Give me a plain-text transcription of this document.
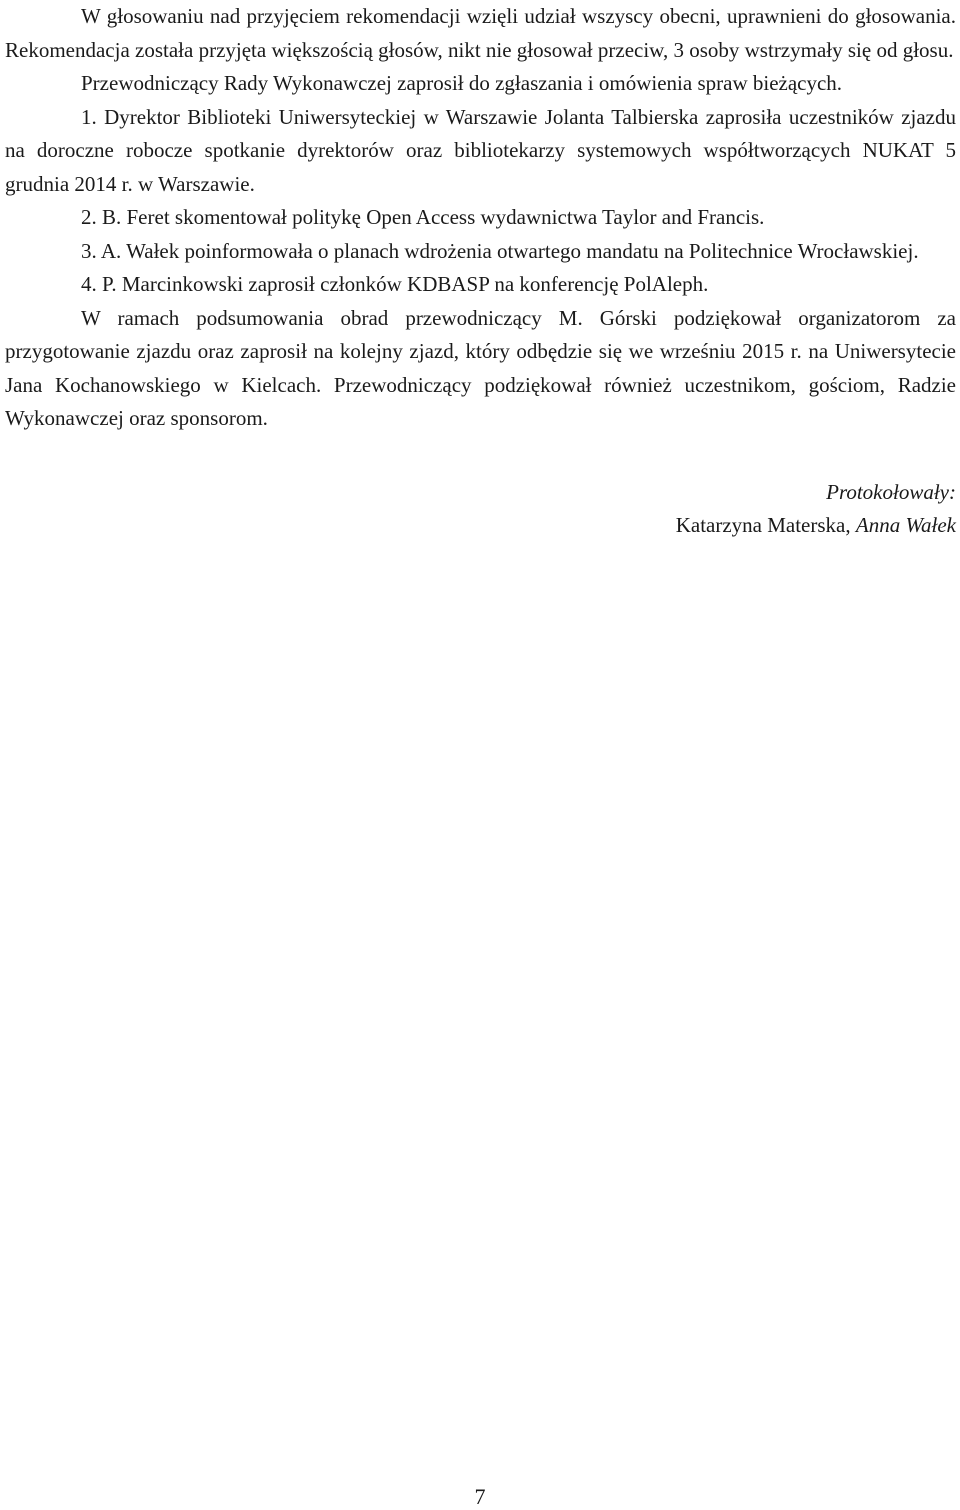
W głosowaniu nad przyjęciem rekomendacji wzięli udział wszyscy obecni, uprawnieni do głosowania. Rekomendacja została przyjęta większością głosów, nikt nie głosował przeciw, 3 osoby wstrzymały się od głosu.

Przewodniczący Rady Wykonawczej zaprosił do zgłaszania i omówienia spraw bieżących.

1. Dyrektor Biblioteki Uniwersyteckiej w Warszawie Jolanta Talbierska zaprosiła uczestników zjazdu na doroczne robocze spotkanie dyrektorów oraz bibliotekarzy systemowych współtworzących NUKAT 5 grudnia 2014 r. w Warszawie.

2. B. Feret skomentował politykę Open Access wydawnictwa Taylor and Francis.

3. A. Wałek poinformowała o planach wdrożenia otwartego mandatu na Politechnice Wrocławskiej.

4. P. Marcinkowski zaprosił członków KDBASP na konferencję PolAleph.

W ramach podsumowania obrad przewodniczący M. Górski podziękował organizatorom za przygotowanie zjazdu oraz zaprosił na kolejny zjazd, który odbędzie się we wrześniu 2015 r. na Uniwersytecie Jana Kochanowskiego w Kielcach. Przewodniczący podziękował również uczestnikom, gościom, Radzie Wykonawczej oraz sponsorom.

Protokołowały:

Katarzyna Materska, Anna Wałek

7
